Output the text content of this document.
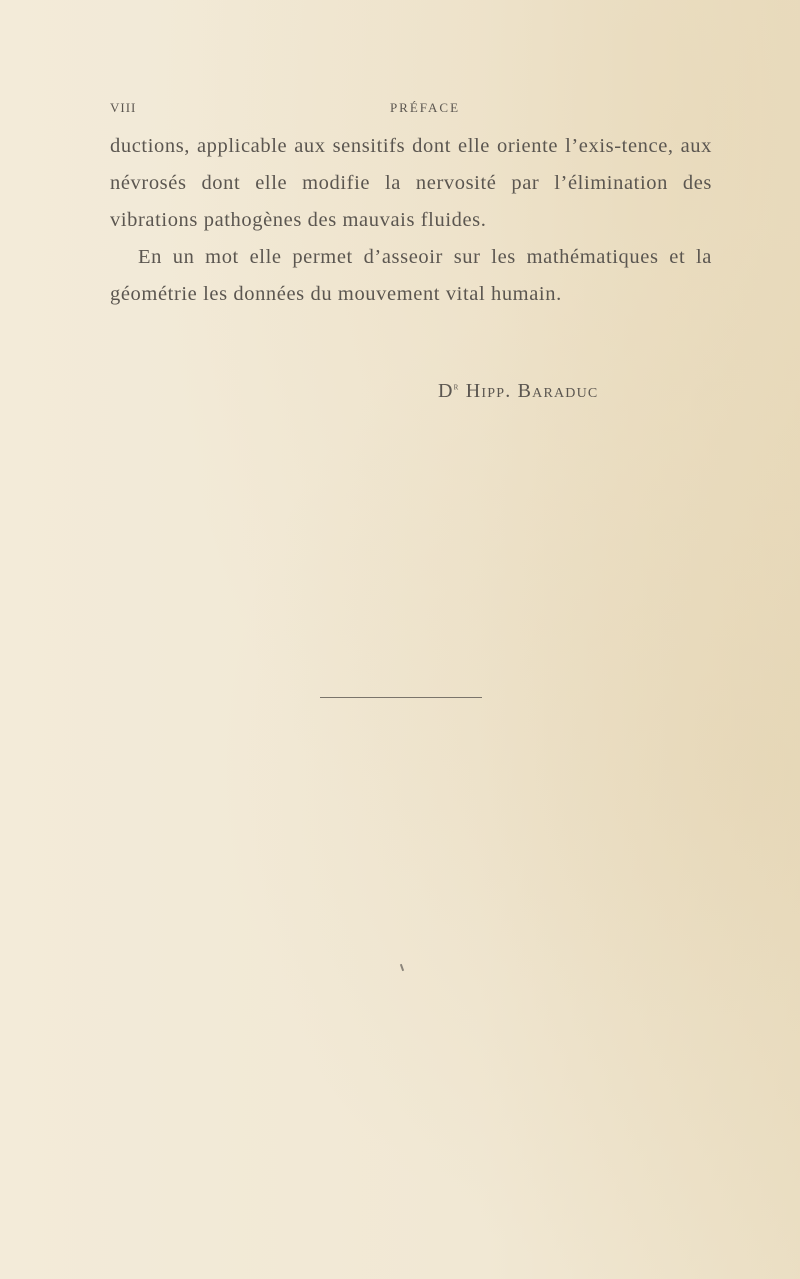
VIII	PRÉFACE

ductions, applicable aux sensitifs dont elle oriente l’exis-tence, aux névrosés dont elle modifie la nervosité par l’élimination des vibrations pathogènes des mauvais fluides.

En un mot elle permet d’asseoir sur les mathématiques et la géométrie les données du mouvement vital humain.

$D^r$ Hipp. Baraduc
